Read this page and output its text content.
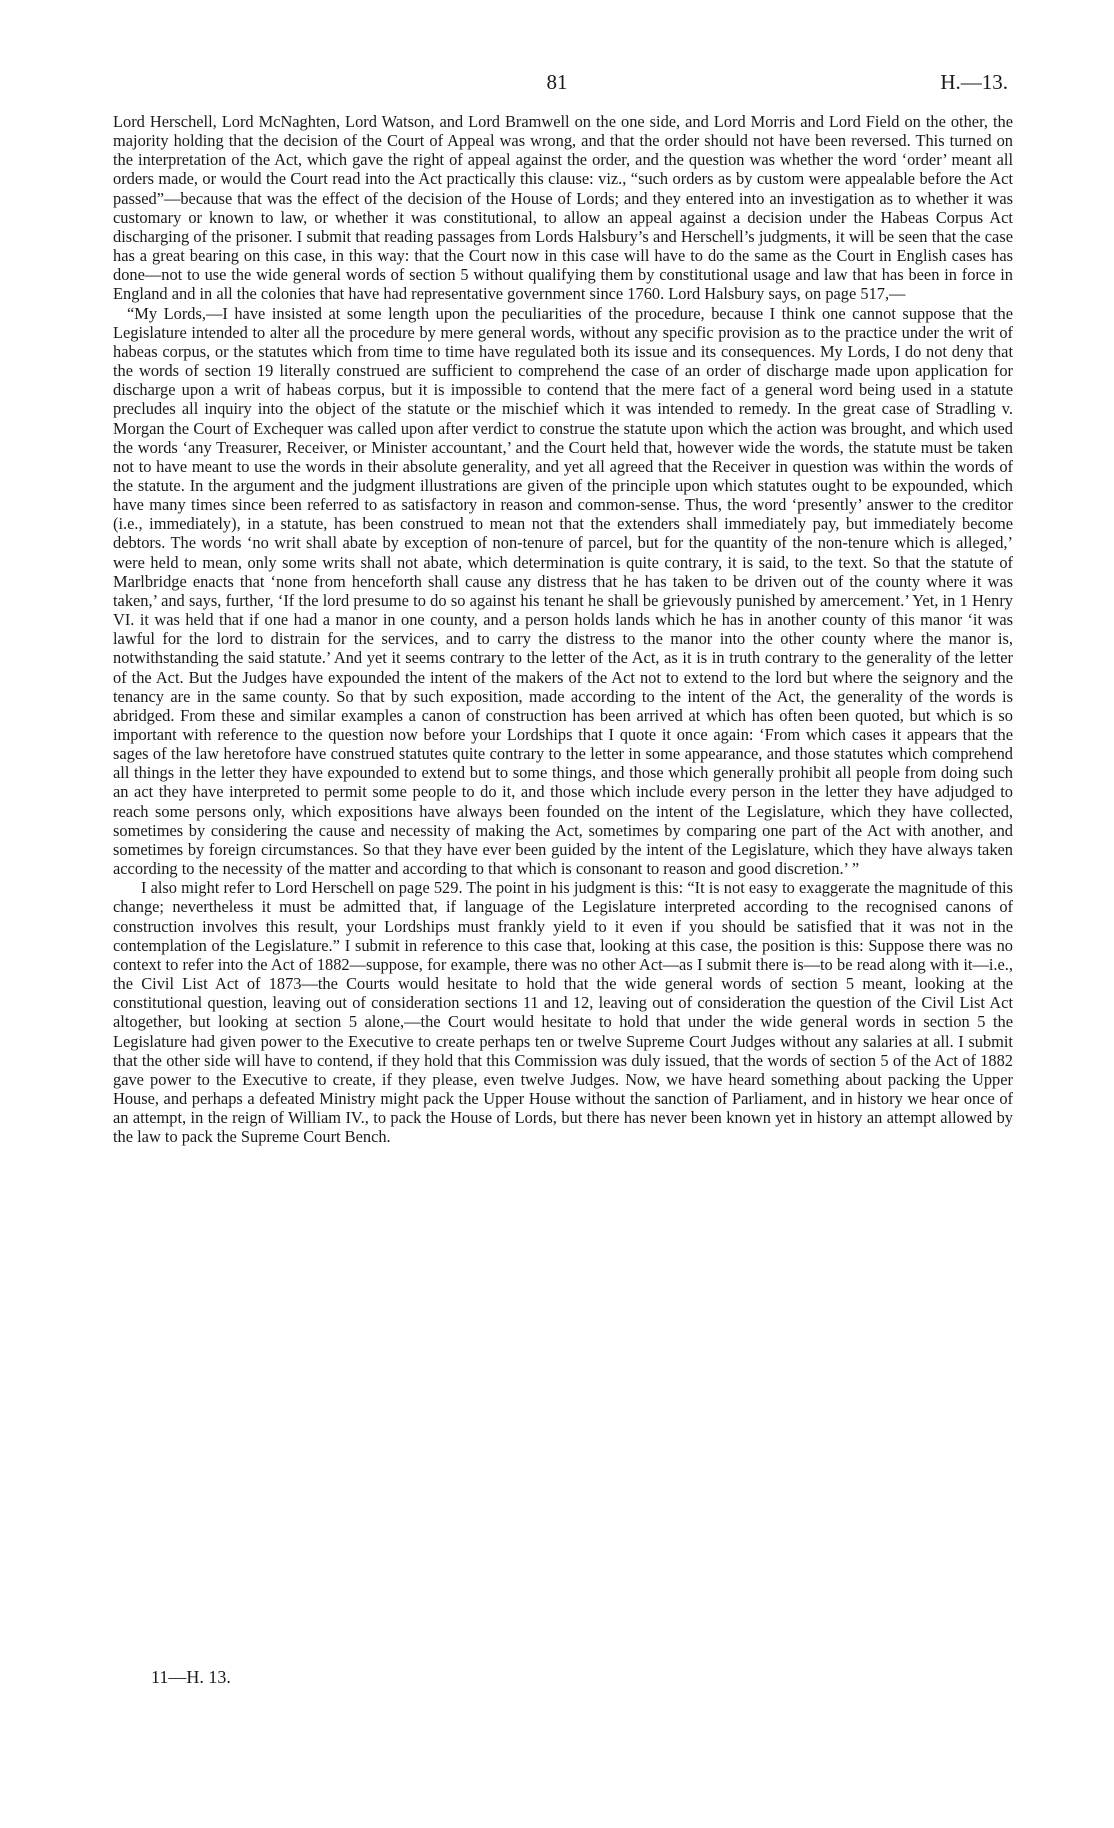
81	H.—13.

Lord Herschell, Lord McNaghten, Lord Watson, and Lord Bramwell on the one side, and Lord Morris and Lord Field on the other, the majority holding that the decision of the Court of Appeal was wrong, and that the order should not have been reversed. This turned on the interpretation of the Act, which gave the right of appeal against the order, and the question was whether the word ‘order’ meant all orders made, or would the Court read into the Act practically this clause: viz., “such orders as by custom were appealable before the Act passed”—because that was the effect of the decision of the House of Lords; and they entered into an investigation as to whether it was customary or known to law, or whether it was constitutional, to allow an appeal against a decision under the Habeas Corpus Act discharging of the prisoner. I submit that reading passages from Lords Halsbury’s and Herschell’s judgments, it will be seen that the case has a great bearing on this case, in this way: that the Court now in this case will have to do the same as the Court in English cases has done—not to use the wide general words of section 5 without qualifying them by constitutional usage and law that has been in force in England and in all the colonies that have had representative government since 1760. Lord Halsbury says, on page 517,—

“My Lords,—I have insisted at some length upon the peculiarities of the procedure, because I think one cannot suppose that the Legislature intended to alter all the procedure by mere general words, without any specific provision as to the practice under the writ of habeas corpus, or the statutes which from time to time have regulated both its issue and its consequences. My Lords, I do not deny that the words of section 19 literally construed are sufficient to comprehend the case of an order of discharge made upon application for discharge upon a writ of habeas corpus, but it is impossible to contend that the mere fact of a general word being used in a statute precludes all inquiry into the object of the statute or the mischief which it was intended to remedy. In the great case of Stradling v. Morgan the Court of Exchequer was called upon after verdict to construe the statute upon which the action was brought, and which used the words ‘any Treasurer, Receiver, or Minister accountant,’ and the Court held that, however wide the words, the statute must be taken not to have meant to use the words in their absolute generality, and yet all agreed that the Receiver in question was within the words of the statute. In the argument and the judgment illustrations are given of the principle upon which statutes ought to be expounded, which have many times since been referred to as satisfactory in reason and common-sense. Thus, the word ‘presently’ answer to the creditor (i.e., immediately), in a statute, has been construed to mean not that the extenders shall immediately pay, but immediately become debtors. The words ‘no writ shall abate by exception of non-tenure of parcel, but for the quantity of the non-tenure which is alleged,’ were held to mean, only some writs shall not abate, which determination is quite contrary, it is said, to the text. So that the statute of Marlbridge enacts that ‘none from henceforth shall cause any distress that he has taken to be driven out of the county where it was taken,’ and says, further, ‘If the lord presume to do so against his tenant he shall be grievously punished by amercement.’ Yet, in 1 Henry VI. it was held that if one had a manor in one county, and a person holds lands which he has in another county of this manor ‘it was lawful for the lord to distrain for the services, and to carry the distress to the manor into the other county where the manor is, notwithstanding the said statute.’ And yet it seems contrary to the letter of the Act, as it is in truth contrary to the generality of the letter of the Act. But the Judges have expounded the intent of the makers of the Act not to extend to the lord but where the seignory and the tenancy are in the same county. So that by such exposition, made according to the intent of the Act, the generality of the words is abridged. From these and similar examples a canon of construction has been arrived at which has often been quoted, but which is so important with reference to the question now before your Lordships that I quote it once again: ‘From which cases it appears that the sages of the law heretofore have construed statutes quite contrary to the letter in some appearance, and those statutes which comprehend all things in the letter they have expounded to extend but to some things, and those which generally prohibit all people from doing such an act they have interpreted to permit some people to do it, and those which include every person in the letter they have adjudged to reach some persons only, which expositions have always been founded on the intent of the Legislature, which they have collected, sometimes by considering the cause and necessity of making the Act, sometimes by comparing one part of the Act with another, and sometimes by foreign circumstances. So that they have ever been guided by the intent of the Legislature, which they have always taken according to the necessity of the matter and according to that which is consonant to reason and good discretion.’ ”

I also might refer to Lord Herschell on page 529. The point in his judgment is this: “It is not easy to exaggerate the magnitude of this change; nevertheless it must be admitted that, if language of the Legislature interpreted according to the recognised canons of construction involves this result, your Lordships must frankly yield to it even if you should be satisfied that it was not in the contemplation of the Legislature.” I submit in reference to this case that, looking at this case, the position is this: Suppose there was no context to refer into the Act of 1882—suppose, for example, there was no other Act—as I submit there is—to be read along with it—i.e., the Civil List Act of 1873—the Courts would hesitate to hold that the wide general words of section 5 meant, looking at the constitutional question, leaving out of consideration sections 11 and 12, leaving out of consideration the question of the Civil List Act altogether, but looking at section 5 alone,—the Court would hesitate to hold that under the wide general words in section 5 the Legislature had given power to the Executive to create perhaps ten or twelve Supreme Court Judges without any salaries at all. I submit that the other side will have to contend, if they hold that this Commission was duly issued, that the words of section 5 of the Act of 1882 gave power to the Executive to create, if they please, even twelve Judges. Now, we have heard something about packing the Upper House, and perhaps a defeated Ministry might pack the Upper House without the sanction of Parliament, and in history we hear once of an attempt, in the reign of William IV., to pack the House of Lords, but there has never been known yet in history an attempt allowed by the law to pack the Supreme Court Bench.

11—H. 13.
